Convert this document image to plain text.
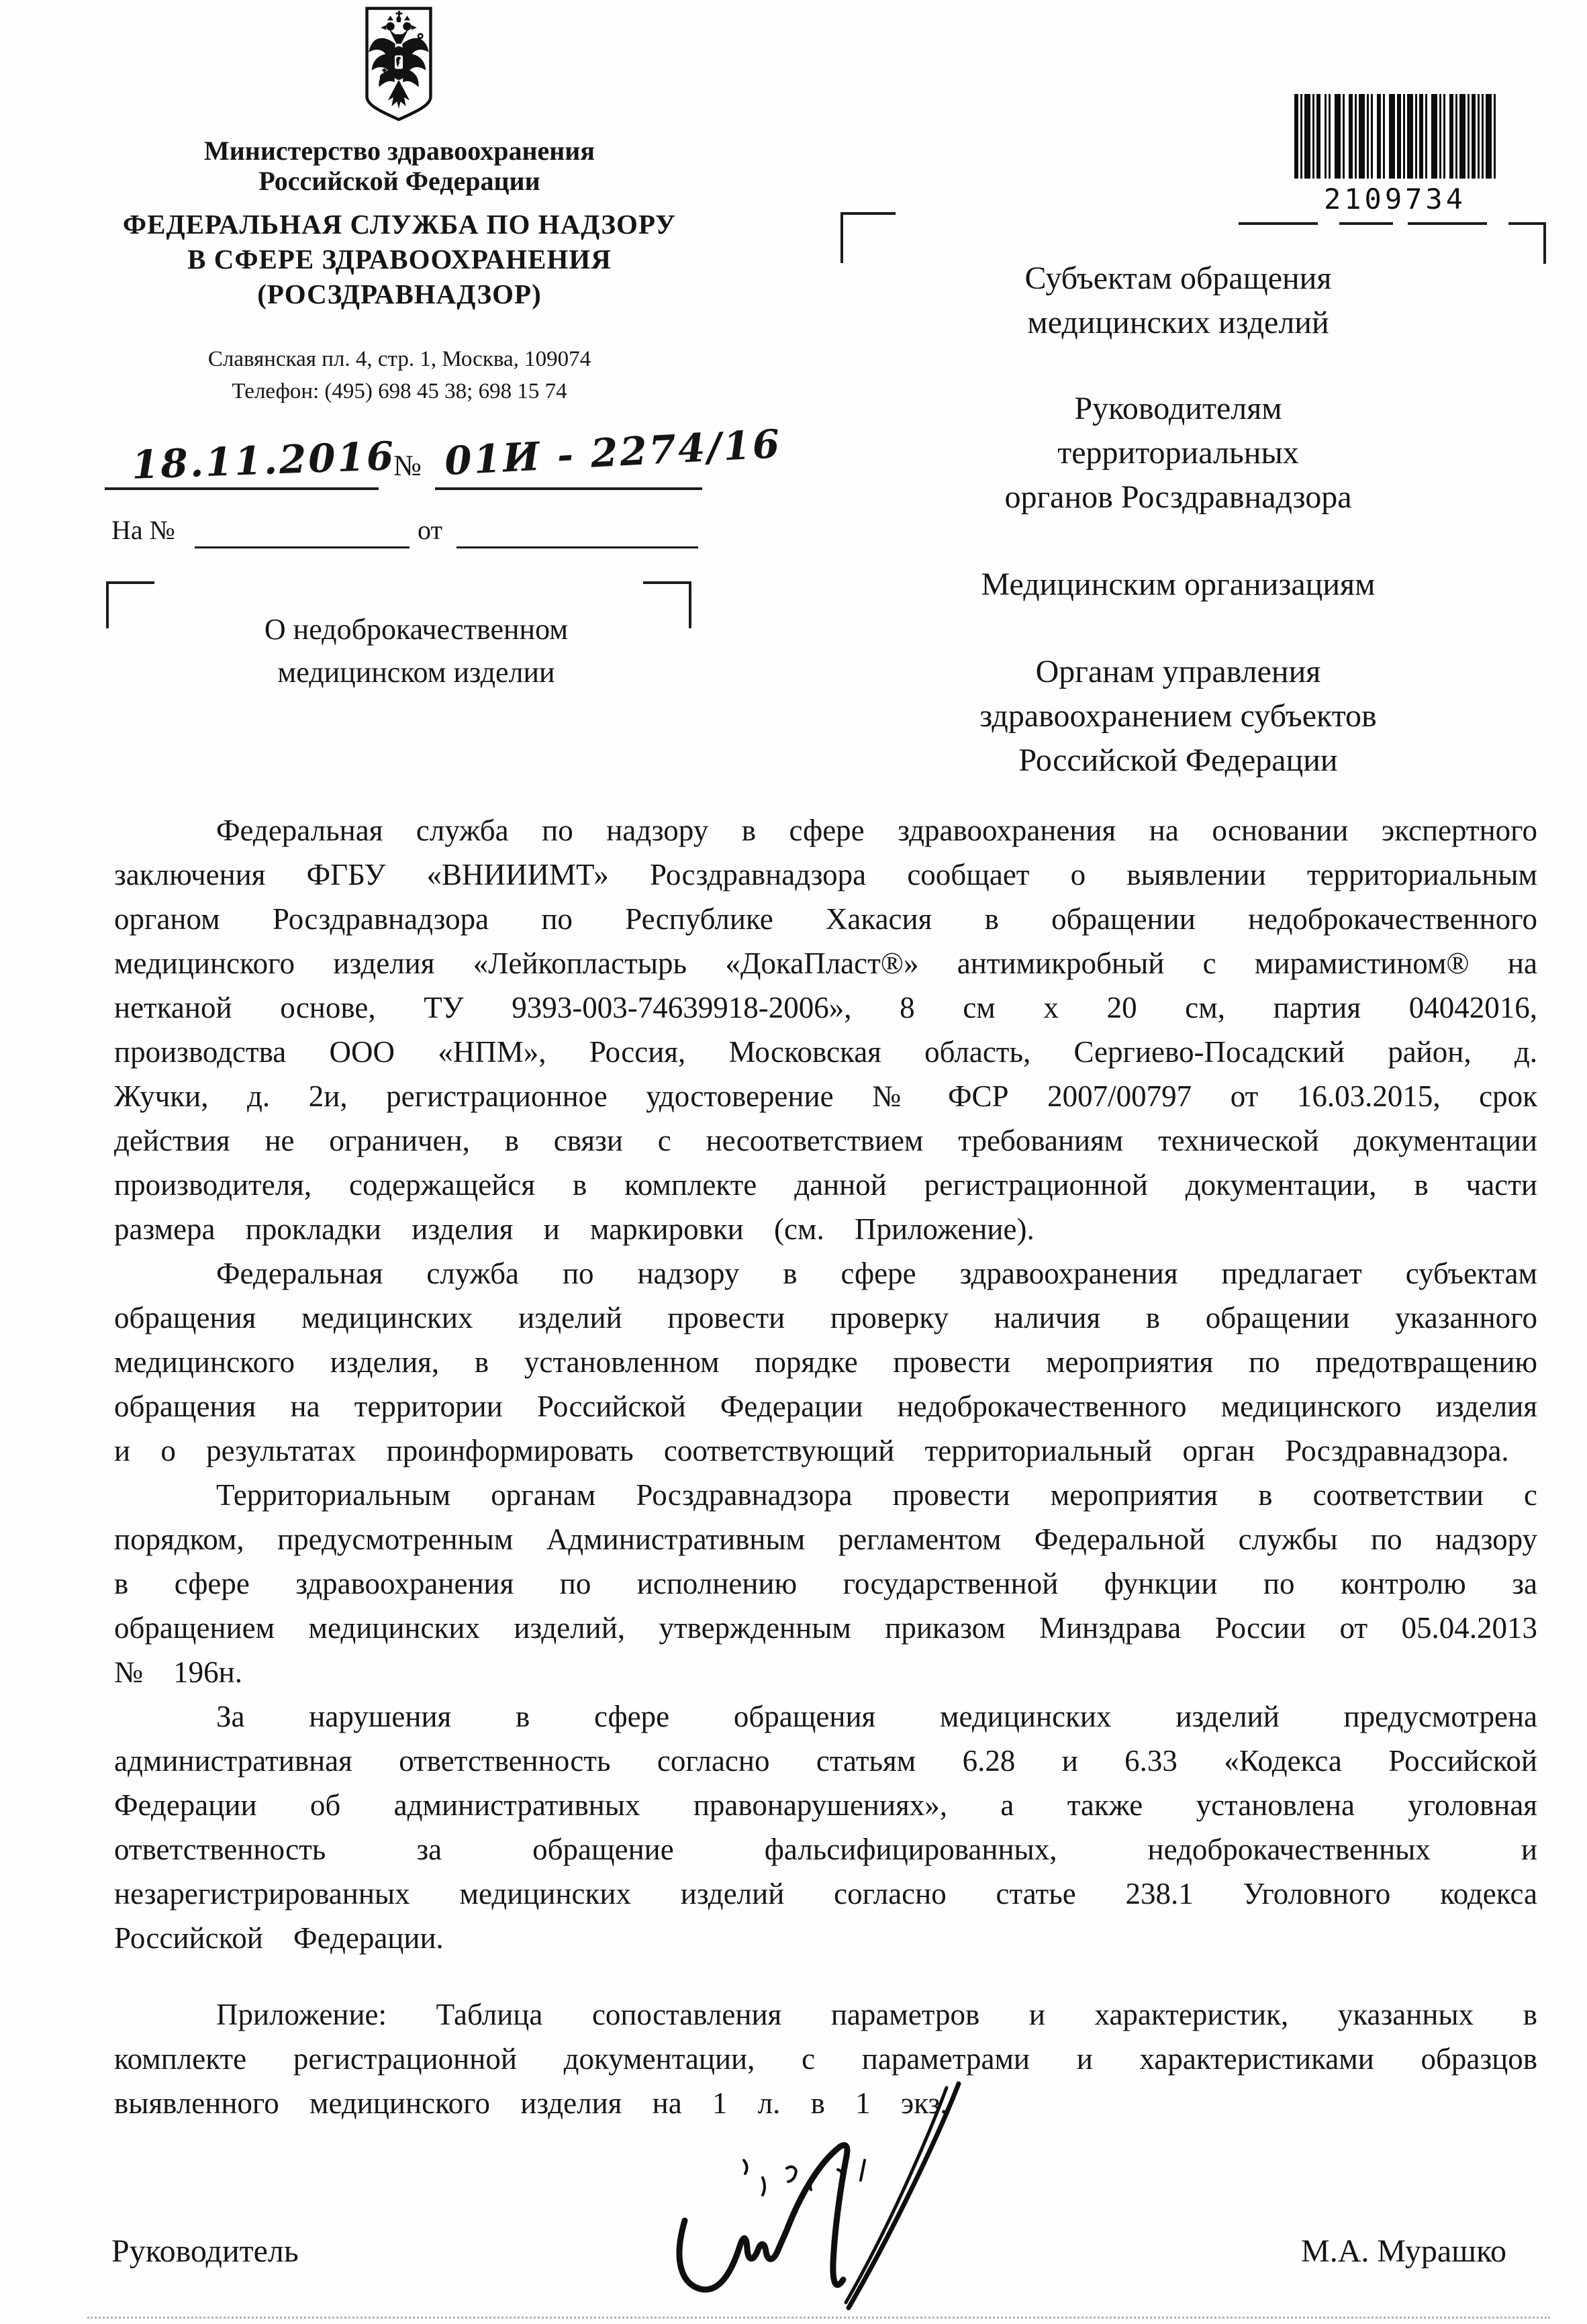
Министерство здравоохранения
Российской Федерации
ФЕДЕРАЛЬНАЯ СЛУЖБА ПО НАДЗОРУ
В СФЕРЕ ЗДРАВООХРАНЕНИЯ
(РОСЗДРАВНАДЗОР)
Славянская пл. 4, стр. 1, Москва, 109074
Телефон: (495) 698 45 38; 698 15 74
18.11.2016
№ 01И - 2274/16
На №	от
О недоброкачественном
медицинском изделии
2109734
Субъектам обращения
медицинских изделий
Руководителям
территориальных
органов Росздравнадзора
Медицинским организациям
Органам управления
здравоохранением субъектов
Российской Федерации

Федеральная служба по надзору в сфере здравоохранения на основании экспертного заключения ФГБУ «ВНИИИМТ» Росздравнадзора сообщает о выявлении территориальным органом Росздравнадзора по Республике Хакасия в обращении недоброкачественного медицинского изделия «Лейкопластырь «ДокаПласт®» антимикробный с мирамистином® на нетканой основе, ТУ 9393-003-74639918-2006», 8 см х 20 см, партия 04042016, производства ООО «НПМ», Россия, Московская область, Сергиево-Посадский район, д. Жучки, д. 2и, регистрационное удостоверение № ФСР 2007/00797 от 16.03.2015, срок действия не ограничен, в связи с несоответствием требованиям технической документации производителя, содержащейся в комплекте данной регистрационной документации, в части размера прокладки изделия и маркировки (см. Приложение).

Федеральная служба по надзору в сфере здравоохранения предлагает субъектам обращения медицинских изделий провести проверку наличия в обращении указанного медицинского изделия, в установленном порядке провести мероприятия по предотвращению обращения на территории Российской Федерации недоброкачественного медицинского изделия и о результатах проинформировать соответствующий территориальный орган Росздравнадзора.

Территориальным органам Росздравнадзора провести мероприятия в соответствии с порядком, предусмотренным Административным регламентом Федеральной службы по надзору в сфере здравоохранения по исполнению государственной функции по контролю за обращением медицинских изделий, утвержденным приказом Минздрава России от 05.04.2013 № 196н.

За нарушения в сфере обращения медицинских изделий предусмотрена административная ответственность согласно статьям 6.28 и 6.33 «Кодекса Российской Федерации об административных правонарушениях», а также установлена уголовная ответственность за обращение фальсифицированных, недоброкачественных и незарегистрированных медицинских изделий согласно статье 238.1 Уголовного кодекса Российской Федерации.

Приложение: Таблица сопоставления параметров и характеристик, указанных в комплекте регистрационной документации, с параметрами и характеристиками образцов выявленного медицинского изделия на 1 л. в 1 экз.

Руководитель	М.А. Мурашко
